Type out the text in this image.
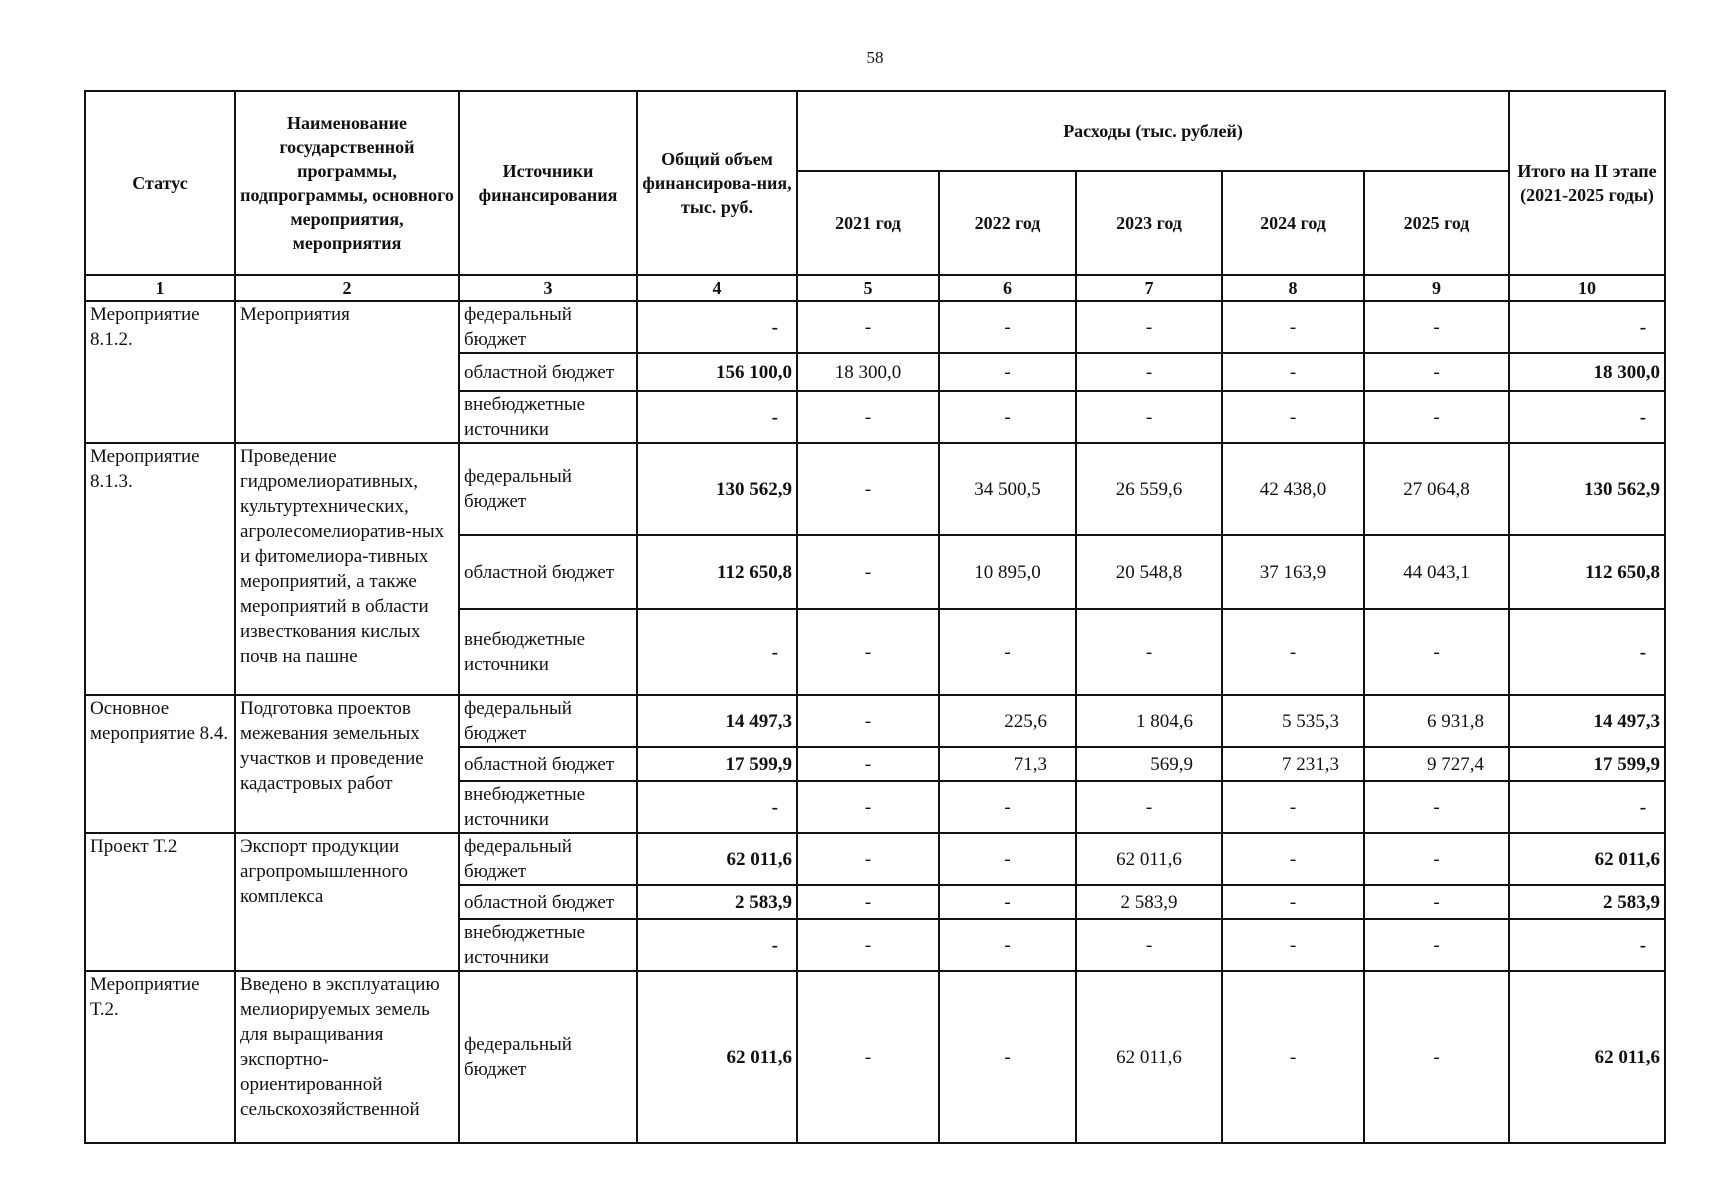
58
Статус	Наименование государственной программы, подпрограммы, основного мероприятия, мероприятия	Источники финансирования	Общий объем финансирова-ния, тыс. руб.	Расходы (тыс. рублей)					Итого на II этапе (2021-2025 годы)
				2021 год	2022 год	2023 год	2024 год	2025 год	
1	2	3	4	5	6	7	8	9	10
Мероприятие 8.1.2.	Мероприятия	федеральный бюджет	-	-	-	-	-	-	-
		областной бюджет	156 100,0	18 300,0	-	-	-	-	18 300,0
		внебюджетные источники	-	-	-	-	-	-	-
Мероприятие 8.1.3.	Проведение гидромелиоративных, культуртехнических, агролесомелиоратив-ных и фитомелиора-тивных мероприятий, а также мероприятий в области известкования кислых почв на пашне	федеральный бюджет	130 562,9	-	34 500,5	26 559,6	42 438,0	27 064,8	130 562,9
		областной бюджет	112 650,8	-	10 895,0	20 548,8	37 163,9	44 043,1	112 650,8
		внебюджетные источники	-	-	-	-	-	-	-
Основное мероприятие 8.4.	Подготовка проектов межевания земельных участков и проведение кадастровых работ	федеральный бюджет	14 497,3	-	225,6	1 804,6	5 535,3	6 931,8	14 497,3
		областной бюджет	17 599,9	-	71,3	569,9	7 231,3	9 727,4	17 599,9
		внебюджетные источники	-	-	-	-	-	-	-
Проект Т.2	Экспорт продукции агропромышленного комплекса	федеральный бюджет	62 011,6	-	-	62 011,6	-	-	62 011,6
		областной бюджет	2 583,9	-	-	2 583,9	-	-	2 583,9
		внебюджетные источники	-	-	-	-	-	-	-
Мероприятие Т.2.	Введено в эксплуатацию мелиорируемых земель для выращивания экспортно-ориентированной сельскохозяйственной	федеральный бюджет	62 011,6	-	-	62 011,6	-	-	62 011,6
